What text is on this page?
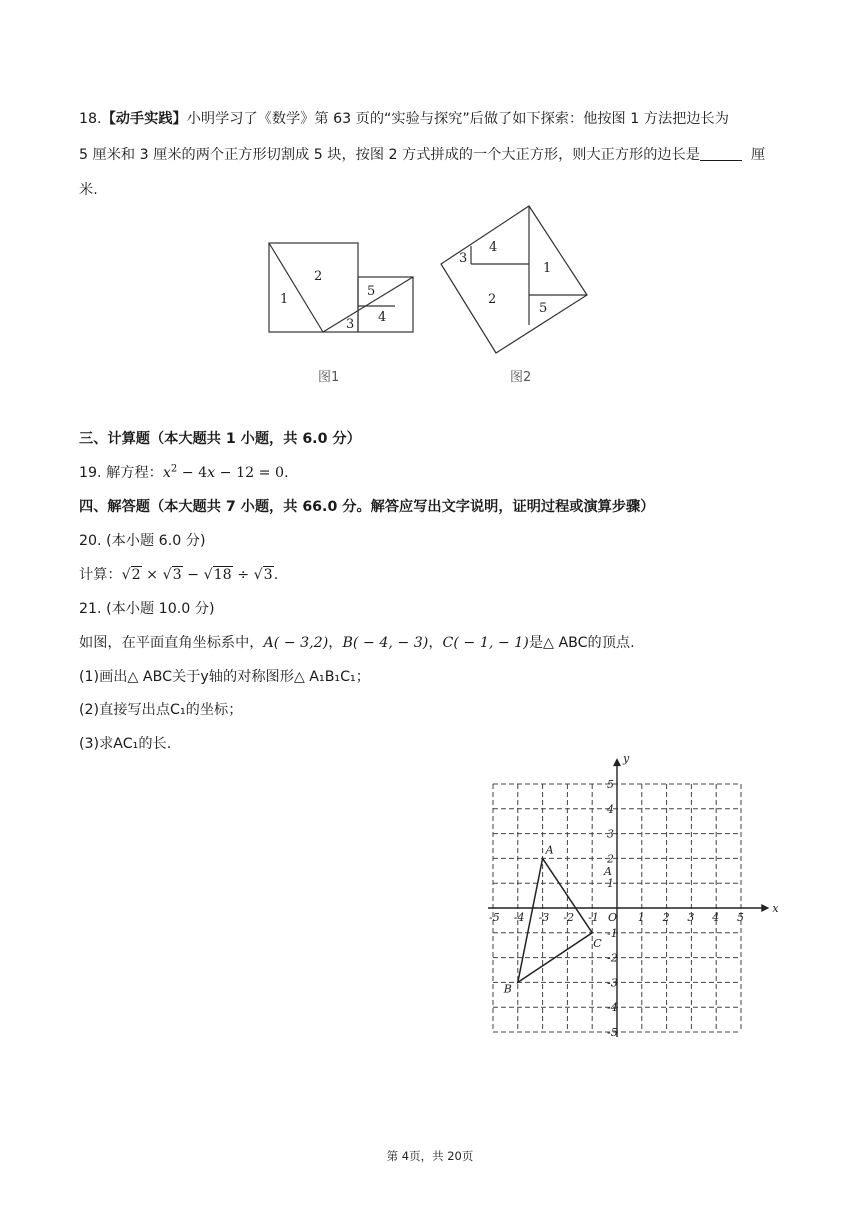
18.【动手实践】小明学习了《数学》第 63 页的“实验与探究”后做了如下探索：他按图 1 方法把边长为
5 厘米和 3 厘米的两个正方形切割成 5 块，按图 2 方式拼成的一个大正方形，则大正方形的边长是	厘
米.
1
2
3 4
5
图1
3
4
1
2
5
图2
三、计算题（本大题共 1 小题，共 6.0 分）
19. 解方程：$x^2 - 4x - 12 = 0$.
四、解答题（本大题共 7 小题，共 66.0 分。解答应写出文字说明，证明过程或演算步骤）
20. (本小题 6.0 分)
计算：√2 × √3 − √18 ÷ √3.
21. (本小题 10.0 分)
如图，在平面直角坐标系中，A( − 3,2)，B( − 4, − 3)，C( − 1, − 1)是△ ABC的顶点.
(1)画出△ ABC关于y轴的对称图形△ A₁B₁C₁；
(2)直接写出点C₁的坐标；
(3)求AC₁的长.
x
y
O
-5 -4 -3 -2 -1	1 2 3 4 5
5
4
3
2
1
-1
-2
-3
-4
-5
A
B
C
A
第 4页，共 20页
